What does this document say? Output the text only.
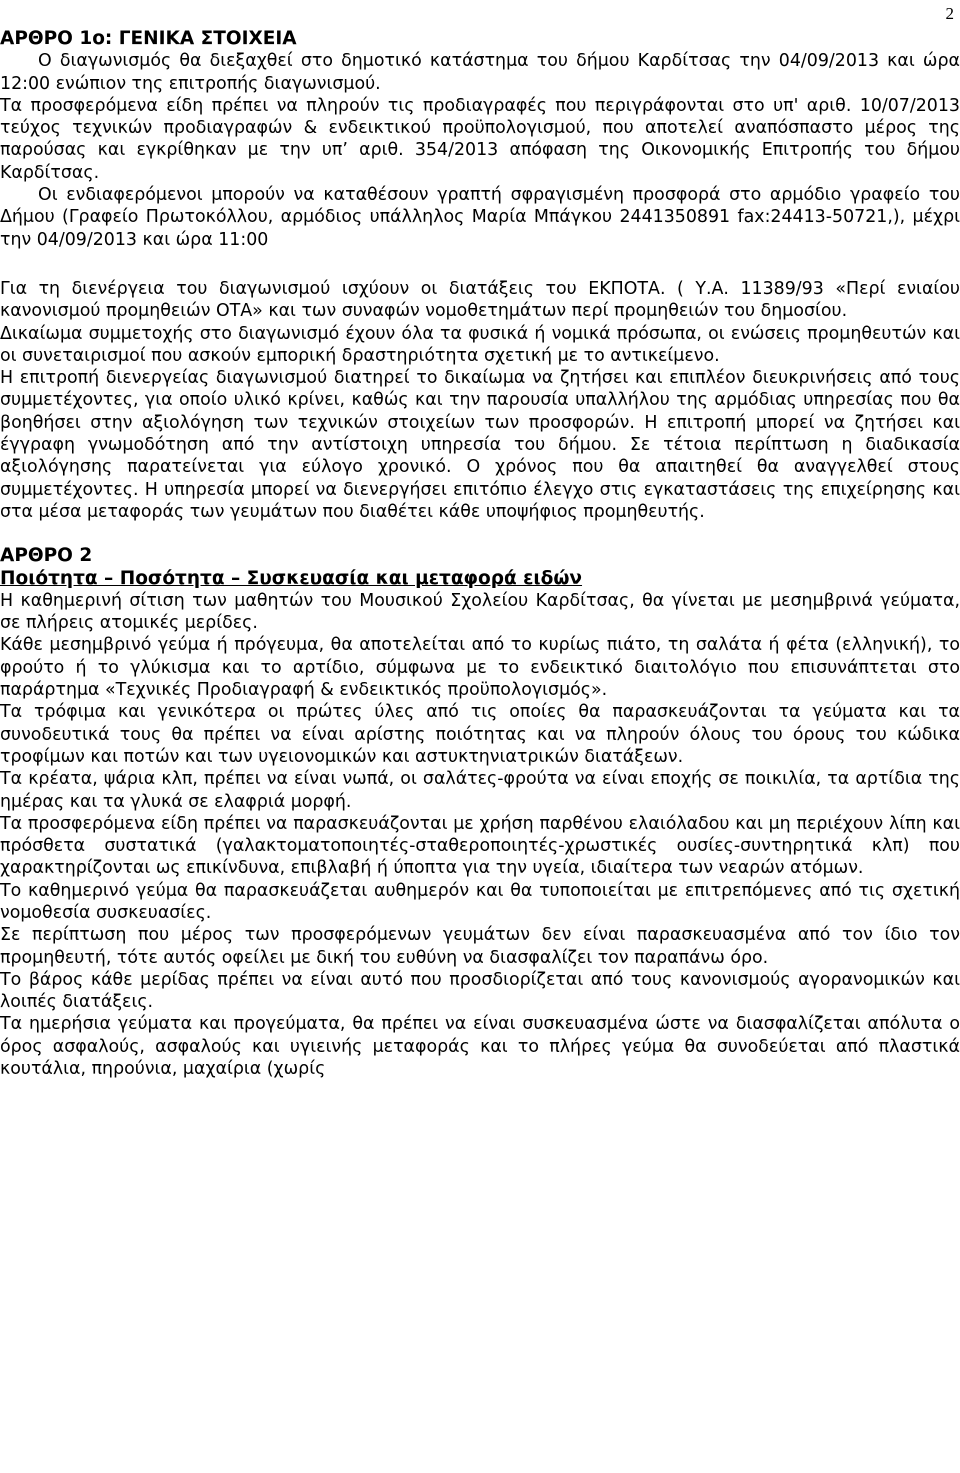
2

ΑΡΘΡΟ 1ο: ΓΕΝΙΚΑ ΣΤΟΙΧΕΙΑ

Ο διαγωνισμός θα διεξαχθεί στο δημοτικό κατάστημα του δήμου Καρδίτσας την 04/09/2013 και ώρα 12:00 ενώπιον της επιτροπής διαγωνισμού.

Τα προσφερόμενα είδη πρέπει να πληρούν τις προδιαγραφές που περιγράφονται στο υπ' αριθ. 10/07/2013 τεύχος τεχνικών προδιαγραφών & ενδεικτικού προϋπολογισμού, που αποτελεί αναπόσπαστο μέρος της παρούσας και εγκρίθηκαν με την υπ’ αριθ. 354/2013 απόφαση της Οικονομικής Επιτροπής του δήμου Καρδίτσας.

Οι ενδιαφερόμενοι μπορούν να καταθέσουν γραπτή σφραγισμένη προσφορά στο αρμόδιο γραφείο του Δήμου (Γραφείο Πρωτοκόλλου, αρμόδιος υπάλληλος Μαρία Μπάγκου 2441350891 fax:24413-50721,), μέχρι την 04/09/2013 και ώρα 11:00

Για τη διενέργεια του διαγωνισμού ισχύουν οι διατάξεις του ΕΚΠΟΤΑ. ( Υ.Α. 11389/93 «Περί ενιαίου κανονισμού προμηθειών ΟΤΑ» και των συναφών νομοθετημάτων περί προμηθειών του δημοσίου.

Δικαίωμα συμμετοχής στο διαγωνισμό έχουν όλα τα φυσικά ή νομικά πρόσωπα, οι ενώσεις προμηθευτών και οι συνεταιρισμοί που ασκούν εμπορική δραστηριότητα σχετική με το αντικείμενο.

Η επιτροπή διενεργείας διαγωνισμού διατηρεί το δικαίωμα να ζητήσει και επιπλέον διευκρινήσεις από τους συμμετέχοντες, για οποίο υλικό κρίνει, καθώς και την παρουσία υπαλλήλου της αρμόδιας υπηρεσίας που θα βοηθήσει στην αξιολόγηση των τεχνικών στοιχείων των προσφορών. Η επιτροπή μπορεί να ζητήσει και έγγραφη γνωμοδότηση από την αντίστοιχη υπηρεσία του δήμου. Σε τέτοια περίπτωση η διαδικασία αξιολόγησης παρατείνεται για εύλογο χρονικό. Ο χρόνος που θα απαιτηθεί θα αναγγελθεί στους συμμετέχοντες. Η υπηρεσία μπορεί να διενεργήσει επιτόπιο έλεγχο στις εγκαταστάσεις της επιχείρησης και στα μέσα μεταφοράς των γευμάτων που διαθέτει κάθε υποψήφιος προμηθευτής.

ΑΡΘΡΟ 2

Ποιότητα – Ποσότητα – Συσκευασία και μεταφορά ειδών

Η καθημερινή σίτιση των μαθητών του Μουσικού Σχολείου Καρδίτσας, θα γίνεται με μεσημβρινά γεύματα, σε πλήρεις ατομικές μερίδες.

Κάθε μεσημβρινό γεύμα ή πρόγευμα, θα αποτελείται από το κυρίως πιάτο, τη σαλάτα ή φέτα (ελληνική), το φρούτο ή το γλύκισμα και το αρτίδιο, σύμφωνα με το ενδεικτικό διαιτολόγιο που επισυνάπτεται στο παράρτημα «Τεχνικές Προδιαγραφή & ενδεικτικός προϋπολογισμός».

Τα τρόφιμα και γενικότερα οι πρώτες ύλες από τις οποίες θα παρασκευάζονται τα γεύματα και τα συνοδευτικά τους θα πρέπει να είναι αρίστης ποιότητας και να πληρούν όλους του όρους του κώδικα τροφίμων και ποτών και των υγειονομικών και αστυκτηνιατρικών διατάξεων.

Τα κρέατα, ψάρια κλπ, πρέπει να είναι νωπά, οι σαλάτες-φρούτα να είναι εποχής σε ποικιλία, τα αρτίδια της ημέρας και τα γλυκά σε ελαφριά μορφή.

Τα προσφερόμενα είδη πρέπει να παρασκευάζονται με χρήση παρθένου ελαιόλαδου και μη περιέχουν λίπη και πρόσθετα συστατικά (γαλακτοματοποιητές-σταθεροποιητές-χρωστικές ουσίες-συντηρητικά κλπ) που χαρακτηρίζονται ως επικίνδυνα, επιβλαβή ή ύποπτα για την υγεία, ιδιαίτερα των νεαρών ατόμων.

Το καθημερινό γεύμα θα παρασκευάζεται αυθημερόν και θα τυποποιείται με επιτρεπόμενες από τις σχετική νομοθεσία συσκευασίες.

Σε περίπτωση που μέρος των προσφερόμενων γευμάτων δεν είναι παρασκευασμένα από τον ίδιο τον προμηθευτή, τότε αυτός οφείλει με δική του ευθύνη να διασφαλίζει τον παραπάνω όρο.

Το βάρος κάθε μερίδας πρέπει να είναι αυτό που προσδιορίζεται από τους κανονισμούς αγορανομικών και λοιπές διατάξεις.

Τα ημερήσια γεύματα και προγεύματα, θα πρέπει να είναι συσκευασμένα ώστε να διασφαλίζεται απόλυτα ο όρος ασφαλούς, ασφαλούς και υγιεινής μεταφοράς και το πλήρες γεύμα θα συνοδεύεται από πλαστικά κουτάλια, πηρούνια, μαχαίρια (χωρίς
